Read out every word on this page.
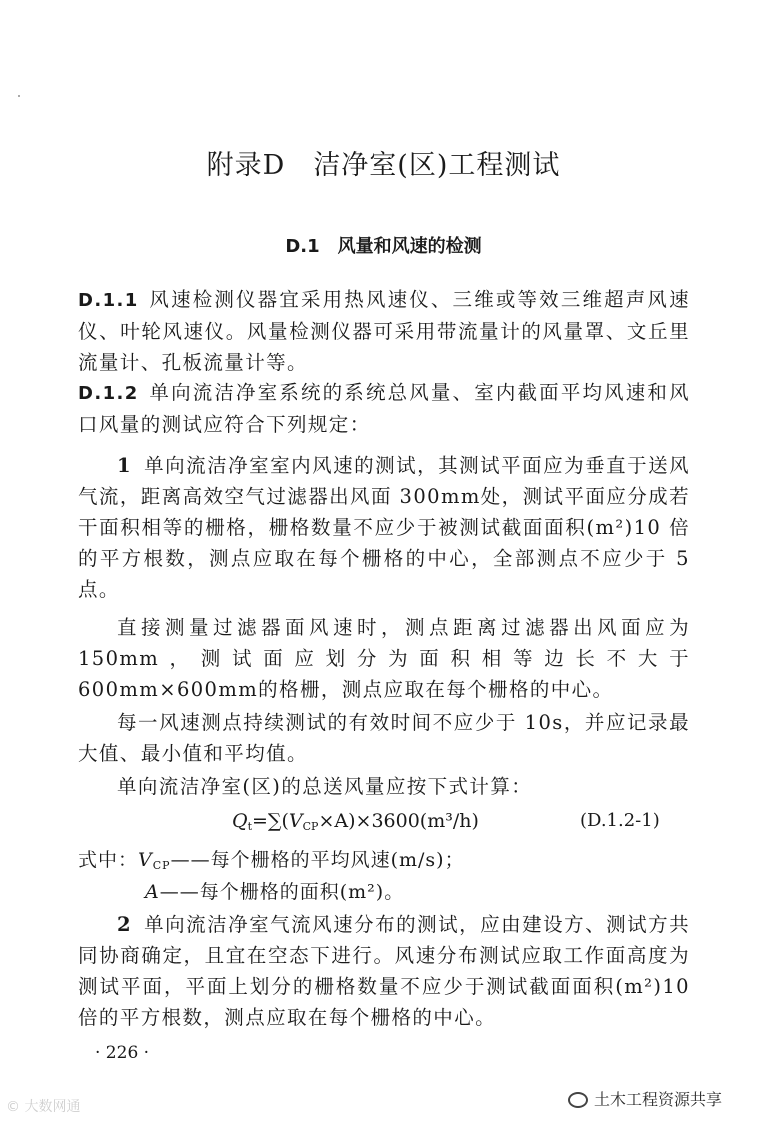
附录D　洁净室(区)工程测试
D.1　风量和风速的检测
D.1.1 风速检测仪器宜采用热风速仪、三维或等效三维超声风速仪、叶轮风速仪。风量检测仪器可采用带流量计的风量罩、文丘里流量计、孔板流量计等。
D.1.2 单向流洁净室系统的系统总风量、室内截面平均风速和风口风量的测试应符合下列规定：
1 单向流洁净室室内风速的测试，其测试平面应为垂直于送风气流，距离高效空气过滤器出风面 300mm处，测试平面应分成若干面积相等的栅格，栅格数量不应少于被测试截面面积(m²)10 倍的平方根数，测点应取在每个栅格的中心，全部测点不应少于 5 点。
直接测量过滤器面风速时，测点距离过滤器出风面应为150mm，测试面应划分为面积相等边长不大于 600mm×600mm的格栅，测点应取在每个栅格的中心。
每一风速测点持续测试的有效时间不应少于 10s，并应记录最大值、最小值和平均值。
单向流洁净室(区)的总送风量应按下式计算：
$Q_t=\sum(V_{CP}\times A)\times 3600(m^3/h)$	(D.1.2-1)
式中：$V_{CP}——$每个栅格的平均风速(m/s)；
A——每个栅格的面积(m²)。
2 单向流洁净室气流风速分布的测试，应由建设方、测试方共同协商确定，且宜在空态下进行。风速分布测试应取工作面高度为测试平面，平面上划分的栅格数量不应少于测试截面面积(m²)10倍的平方根数，测点应取在每个栅格的中心。
· 226 ·
© 大数网通	土木工程资源共享
